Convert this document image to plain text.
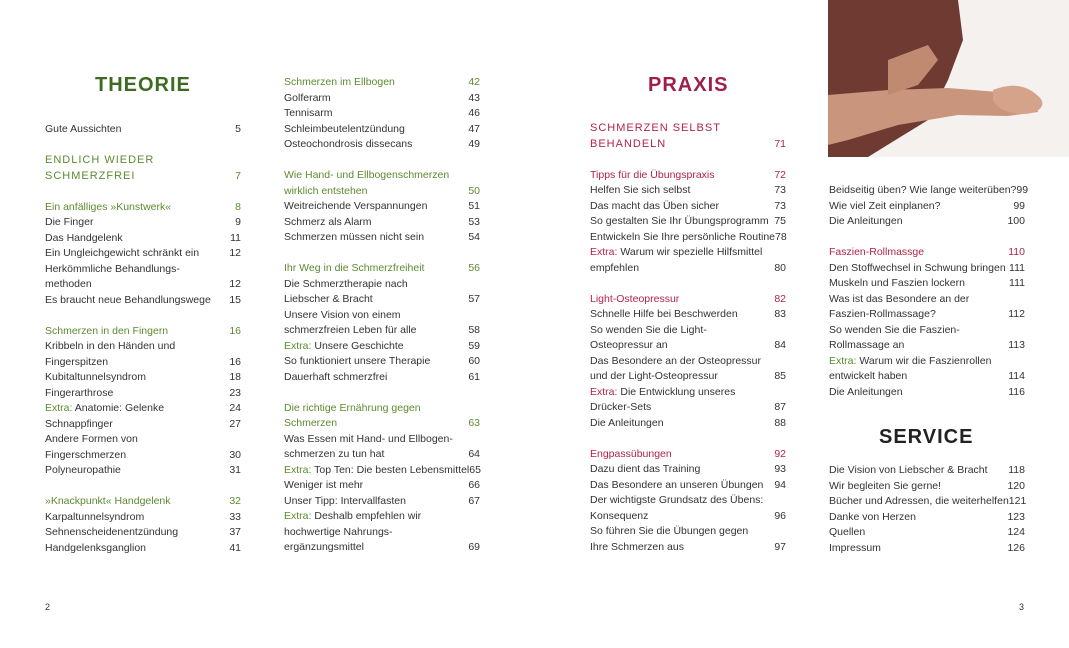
THEORIE	PRAXIS
SERVICE
Gute Aussichten	5
ENDLICH WIEDER
SCHMERZFREI	7
Ein anfälliges »Kunstwerk«	8
Die Finger	9
Das Handgelenk	11
Ein Ungleichgewicht schränkt ein	12
Herkömmliche Behandlungs-
methoden	12
Es braucht neue Behandlungswege 15
Schmerzen in den Fingern	16
Kribbeln in den Händen und
Fingerspitzen	16
Kubitaltunnelsyndrom	18
Fingerarthrose	23
Extra: Anatomie: Gelenke	24
Schnappfinger	27
Andere Formen von
Fingerschmerzen	30
Polyneuropathie	31
»Knackpunkt« Handgelenk	32
Karpaltunnelsyndrom	33
Sehnenscheidenentzündung	37
Handgelenksganglion	41
Schmerzen im Ellbogen	42
Golferarm	43
Tennisarm	46
Schleimbeutelentzündung	47
Osteochondrosis dissecans	49
Wie Hand- und Ellbogenschmerzen
wirklich entstehen	50
Weitreichende Verspannungen	51
Schmerz als Alarm	53
Schmerzen müssen nicht sein	54
Ihr Weg in die Schmerzfreiheit	56
Die Schmerztherapie nach
Liebscher & Bracht	57
Unsere Vision von einem
schmerzfreien Leben für alle	58
Extra: Unsere Geschichte	59
So funktioniert unsere Therapie	60
Dauerhaft schmerzfrei	61
Die richtige Ernährung gegen
Schmerzen	63
Was Essen mit Hand- und Ellbogen-
schmerzen zu tun hat	64
Extra: Top Ten: Die besten Lebensmittel 65
Weniger ist mehr	66
Unser Tipp: Intervallfasten	67
Extra: Deshalb empfehlen wir
hochwertige Nahrungs-
ergänzungsmittel	69
SCHMERZEN SELBST
BEHANDELN	71
Tipps für die Übungspraxis	72
Helfen Sie sich selbst	73
Das macht das Üben sicher	73
So gestalten Sie Ihr Übungsprogramm 75
Entwickeln Sie Ihre persönliche Routine 78
Extra: Warum wir spezielle Hilfsmittel
empfehlen	80
Light-Osteopressur	82
Schnelle Hilfe bei Beschwerden	83
So wenden Sie die Light-
Osteopressur an	84
Das Besondere an der Osteopressur
und der Light-Osteopressur	85
Extra: Die Entwicklung unseres
Drücker-Sets	87
Die Anleitungen	88
Engpassübungen	92
Dazu dient das Training	93
Das Besondere an unseren Übungen 94
Der wichtigste Grundsatz des Übens:
Konsequenz	96
So führen Sie die Übungen gegen
Ihre Schmerzen aus	97
Beidseitig üben? Wie lange weiterüben? 99
Wie viel Zeit einplanen?	99
Die Anleitungen	100
Faszien-Rollmassge	110
Den Stoffwechsel in Schwung bringen 111
Muskeln und Faszien lockern	111
Was ist das Besondere an der
Faszien-Rollmassage?	112
So wenden Sie die Faszien-
Rollmassage an	113
Extra: Warum wir die Faszienrollen
entwickelt haben	114
Die Anleitungen	116
Die Vision von Liebscher & Bracht 118
Wir begleiten Sie gerne!	120
Bücher und Adressen, die weiterhelfen 121
Danke von Herzen	123
Quellen	124
Impressum	126
2	3
